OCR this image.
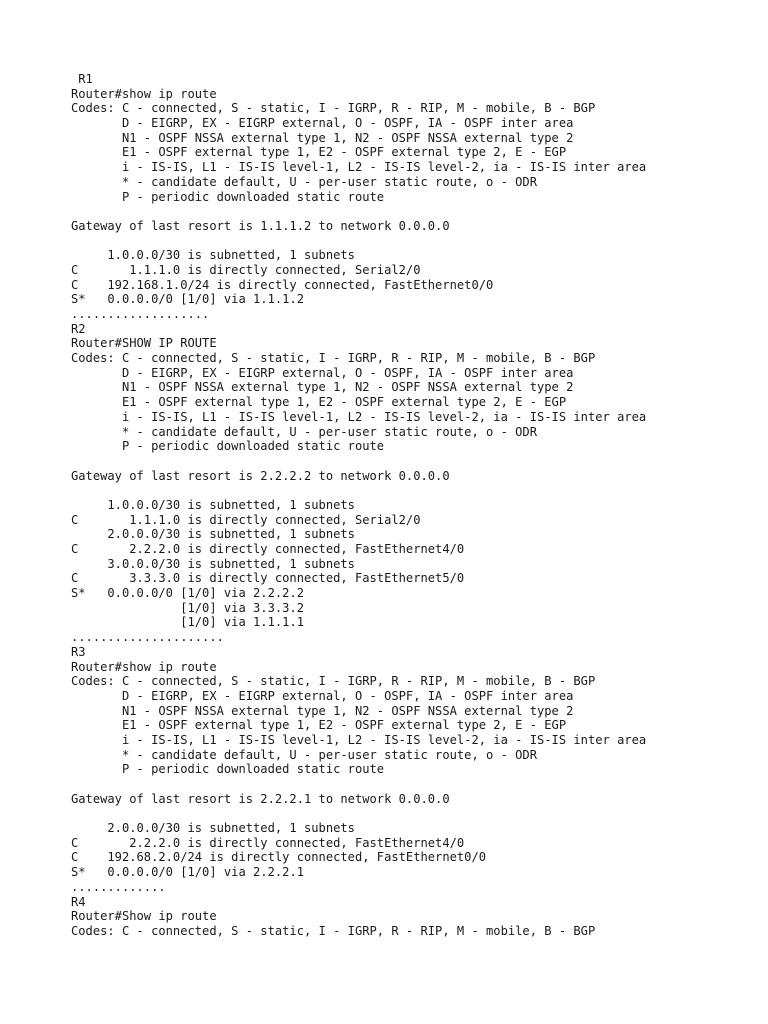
R1
Router#show ip route
Codes: C - connected, S - static, I - IGRP, R - RIP, M - mobile, B - BGP
D - EIGRP, EX - EIGRP external, O - OSPF, IA - OSPF inter area
N1 - OSPF NSSA external type 1, N2 - OSPF NSSA external type 2
E1 - OSPF external type 1, E2 - OSPF external type 2, E - EGP
i - IS-IS, L1 - IS-IS level-1, L2 - IS-IS level-2, ia - IS-IS inter area
* - candidate default, U - per-user static route, o - ODR
P - periodic downloaded static route
Gateway of last resort is 1.1.1.2 to network 0.0.0.0
1.0.0.0/30 is subnetted, 1 subnets
C       1.1.1.0 is directly connected, Serial2/0
C    192.168.1.0/24 is directly connected, FastEthernet0/0
S*   0.0.0.0/0 [1/0] via 1.1.1.2
...................
R2
Router#SHOW IP ROUTE
Codes: C - connected, S - static, I - IGRP, R - RIP, M - mobile, B - BGP
D - EIGRP, EX - EIGRP external, O - OSPF, IA - OSPF inter area
N1 - OSPF NSSA external type 1, N2 - OSPF NSSA external type 2
E1 - OSPF external type 1, E2 - OSPF external type 2, E - EGP
i - IS-IS, L1 - IS-IS level-1, L2 - IS-IS level-2, ia - IS-IS inter area
* - candidate default, U - per-user static route, o - ODR
P - periodic downloaded static route
Gateway of last resort is 2.2.2.2 to network 0.0.0.0
1.0.0.0/30 is subnetted, 1 subnets
C       1.1.1.0 is directly connected, Serial2/0
2.0.0.0/30 is subnetted, 1 subnets
C       2.2.2.0 is directly connected, FastEthernet4/0
3.0.0.0/30 is subnetted, 1 subnets
C       3.3.3.0 is directly connected, FastEthernet5/0
S*   0.0.0.0/0 [1/0] via 2.2.2.2
[1/0] via 3.3.3.2
[1/0] via 1.1.1.1
.....................
R3
Router#show ip route
Codes: C - connected, S - static, I - IGRP, R - RIP, M - mobile, B - BGP
D - EIGRP, EX - EIGRP external, O - OSPF, IA - OSPF inter area
N1 - OSPF NSSA external type 1, N2 - OSPF NSSA external type 2
E1 - OSPF external type 1, E2 - OSPF external type 2, E - EGP
i - IS-IS, L1 - IS-IS level-1, L2 - IS-IS level-2, ia - IS-IS inter area
* - candidate default, U - per-user static route, o - ODR
P - periodic downloaded static route
Gateway of last resort is 2.2.2.1 to network 0.0.0.0
2.0.0.0/30 is subnetted, 1 subnets
C       2.2.2.0 is directly connected, FastEthernet4/0
C    192.68.2.0/24 is directly connected, FastEthernet0/0
S*   0.0.0.0/0 [1/0] via 2.2.2.1
.............
R4
Router#Show ip route
Codes: C - connected, S - static, I - IGRP, R - RIP, M - mobile, B - BGP
